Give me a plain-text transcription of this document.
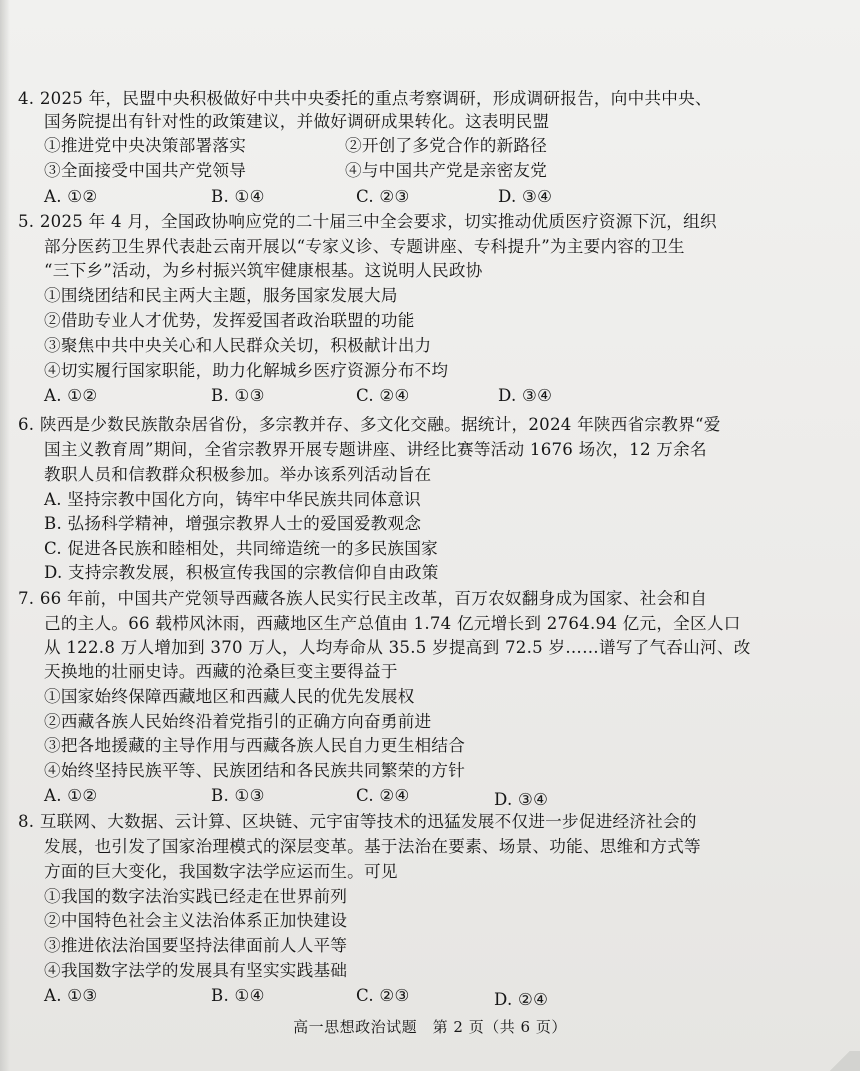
4. 2025 年，民盟中央积极做好中共中央委托的重点考察调研，形成调研报告，向中共中央、
国务院提出有针对性的政策建议，并做好调研成果转化。这表明民盟
①推进党中央决策部署落实	②开创了多党合作的新路径
③全面接受中国共产党领导	④与中国共产党是亲密友党
A. ①②	B. ①④	C. ②③	D. ③④
5. 2025 年 4 月，全国政协响应党的二十届三中全会要求，切实推动优质医疗资源下沉，组织
部分医药卫生界代表赴云南开展以“专家义诊、专题讲座、专科提升”为主要内容的卫生
“三下乡”活动，为乡村振兴筑牢健康根基。这说明人民政协
①围绕团结和民主两大主题，服务国家发展大局
②借助专业人才优势，发挥爱国者政治联盟的功能
③聚焦中共中央关心和人民群众关切，积极献计出力
④切实履行国家职能，助力化解城乡医疗资源分布不均
A. ①②	B. ①③	C. ②④	D. ③④
6. 陕西是少数民族散杂居省份，多宗教并存、多文化交融。据统计，2024 年陕西省宗教界“爱
国主义教育周”期间，全省宗教界开展专题讲座、讲经比赛等活动 1676 场次，12 万余名
教职人员和信教群众积极参加。举办该系列活动旨在
A. 坚持宗教中国化方向，铸牢中华民族共同体意识
B. 弘扬科学精神，增强宗教界人士的爱国爱教观念
C. 促进各民族和睦相处，共同缔造统一的多民族国家
D. 支持宗教发展，积极宣传我国的宗教信仰自由政策
7. 66 年前，中国共产党领导西藏各族人民实行民主改革，百万农奴翻身成为国家、社会和自
己的主人。66 载栉风沐雨，西藏地区生产总值由 1.74 亿元增长到 2764.94 亿元，全区人口
从 122.8 万人增加到 370 万人，人均寿命从 35.5 岁提高到 72.5 岁……谱写了气吞山河、改
天换地的壮丽史诗。西藏的沧桑巨变主要得益于
①国家始终保障西藏地区和西藏人民的优先发展权
②西藏各族人民始终沿着党指引的正确方向奋勇前进
③把各地援藏的主导作用与西藏各族人民自力更生相结合
④始终坚持民族平等、民族团结和各民族共同繁荣的方针
A. ①②	B. ①③	C. ②④	D. ③④
8. 互联网、大数据、云计算、区块链、元宇宙等技术的迅猛发展不仅进一步促进经济社会的
发展，也引发了国家治理模式的深层变革。基于法治在要素、场景、功能、思维和方式等
方面的巨大变化，我国数字法学应运而生。可见
①我国的数字法治实践已经走在世界前列
②中国特色社会主义法治体系正加快建设
③推进依法治国要坚持法律面前人人平等
④我国数字法学的发展具有坚实实践基础
A. ①③	B. ①④	C. ②③	D. ②④
高一思想政治试题　第 2 页（共 6 页）
